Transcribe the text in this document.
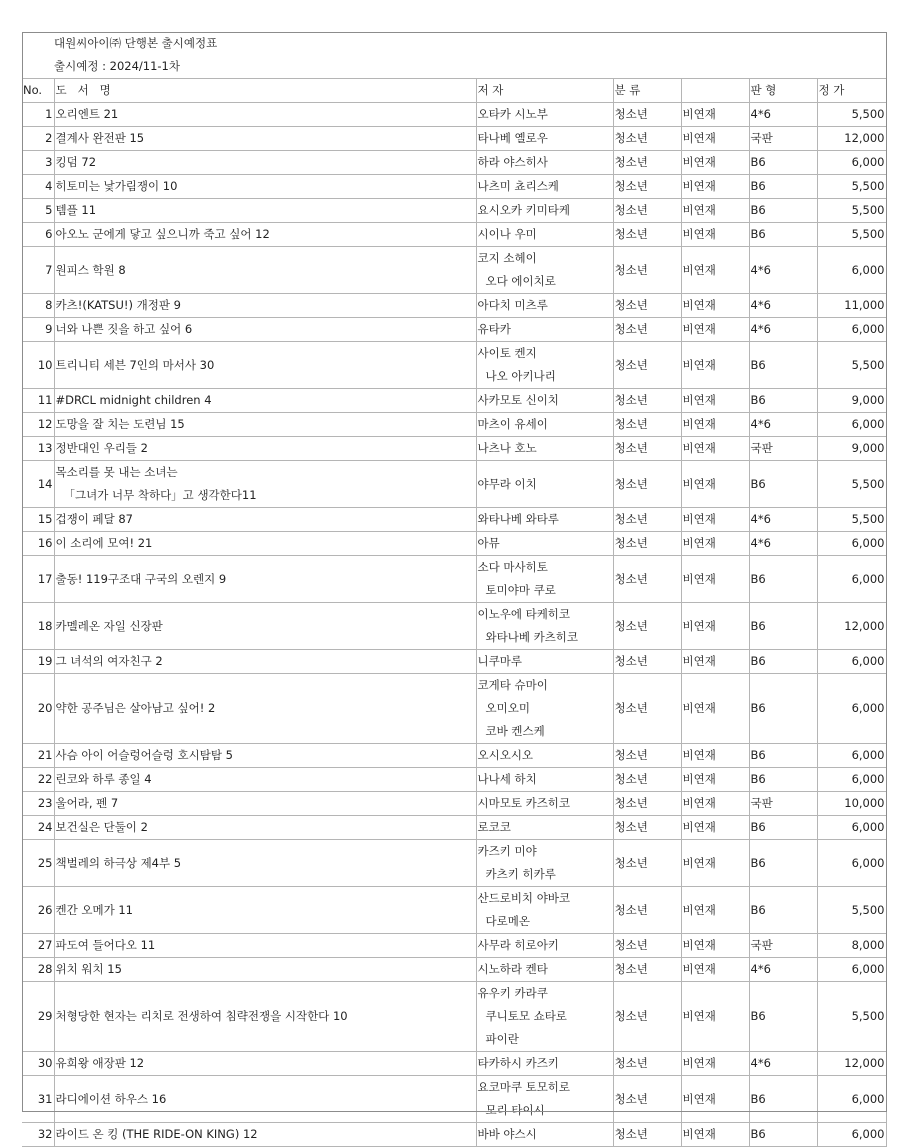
대원씨아이㈜ 단행본 출시예정표						
출시예정 : 2024/11-1차						
No.	도   서   명	저 자	분 류		판 형	정 가
1	오리엔트 21	오타카 시노부	청소년	비연재	4*6	5,500
2	결계사 완전판 15	타나베 옐로우	청소년	비연재	국판	12,000
3	킹덤 72	하라 야스히사	청소년	비연재	B6	6,000
4	히토미는 낯가림쟁이 10	나츠미 쵸리스케	청소년	비연재	B6	5,500
5	템플 11	요시오카 키미타케	청소년	비연재	B6	5,500
6	아오노 군에게 닿고 싶으니까 죽고 싶어 12	시이나 우미	청소년	비연재	B6	5,500
7	원피스 학원 8	코지 소헤이
오다 에이치로	청소년	비연재	4*6	6,000
8	카츠!(KATSU!) 개정판 9	아다치 미츠루	청소년	비연재	4*6	11,000
9	너와 나쁜 짓을 하고 싶어 6	유타카	청소년	비연재	4*6	6,000
10	트리니티 세븐 7인의 마서사 30	사이토 켄지
나오 아키나리	청소년	비연재	B6	5,500
11	#DRCL midnight children 4	사카모토 신이치	청소년	비연재	B6	9,000
12	도망을 잘 치는 도련님 15	마츠이 유세이	청소년	비연재	4*6	6,000
13	정반대인 우리들 2	나츠나 호노	청소년	비연재	국판	9,000
14	목소리를 못 내는 소녀는
「그녀가 너무 착하다」고 생각한다11	야무라 이치	청소년	비연재	B6	5,500
15	겁쟁이 페달 87	와타나베 와타루	청소년	비연재	4*6	5,500
16	이 소리에 모여! 21	아뮤	청소년	비연재	4*6	6,000
17	출동! 119구조대 구국의 오렌지 9	소다 마사히토
토미야마 쿠로	청소년	비연재	B6	6,000
18	카멜레온 자일 신장판	이노우에 타케히코
와타나베 카츠히코	청소년	비연재	B6	12,000
19	그 녀석의 여자친구 2	니쿠마루	청소년	비연재	B6	6,000
20	약한 공주님은 살아남고 싶어! 2	코게타 슈마이
오미오미
코바 켄스케	청소년	비연재	B6	6,000
21	사슴 아이 어슬렁어슬렁 호시탐탐 5	오시오시오	청소년	비연재	B6	6,000
22	린코와 하루 종일 4	나나세 하치	청소년	비연재	B6	6,000
23	울어라, 펜 7	시마모토 카즈히코	청소년	비연재	국판	10,000
24	보건실은 단둘이 2	로코코	청소년	비연재	B6	6,000
25	책벌레의 하극상 제4부 5	카즈키 미야
카츠키 히카루	청소년	비연재	B6	6,000
26	켄간 오메가 11	산드로비치 야바코
다로메온	청소년	비연재	B6	5,500
27	파도여 들어다오 11	사무라 히로아키	청소년	비연재	국판	8,000
28	위치 워치 15	시노하라 켄타	청소년	비연재	4*6	6,000
29	처형당한 현자는 리치로 전생하여 침략전쟁을 시작한다 10	유우키 카라쿠
쿠니토모 쇼타로
파이란	청소년	비연재	B6	5,500
30	유희왕 애장판 12	타카하시 카즈키	청소년	비연재	4*6	12,000
31	라디에이션 하우스 16	요코마쿠 토모히로
모리 타이시	청소년	비연재	B6	6,000
32	라이드 온 킹 (THE RIDE-ON KING) 12	바바 야스시	청소년	비연재	B6	6,000
